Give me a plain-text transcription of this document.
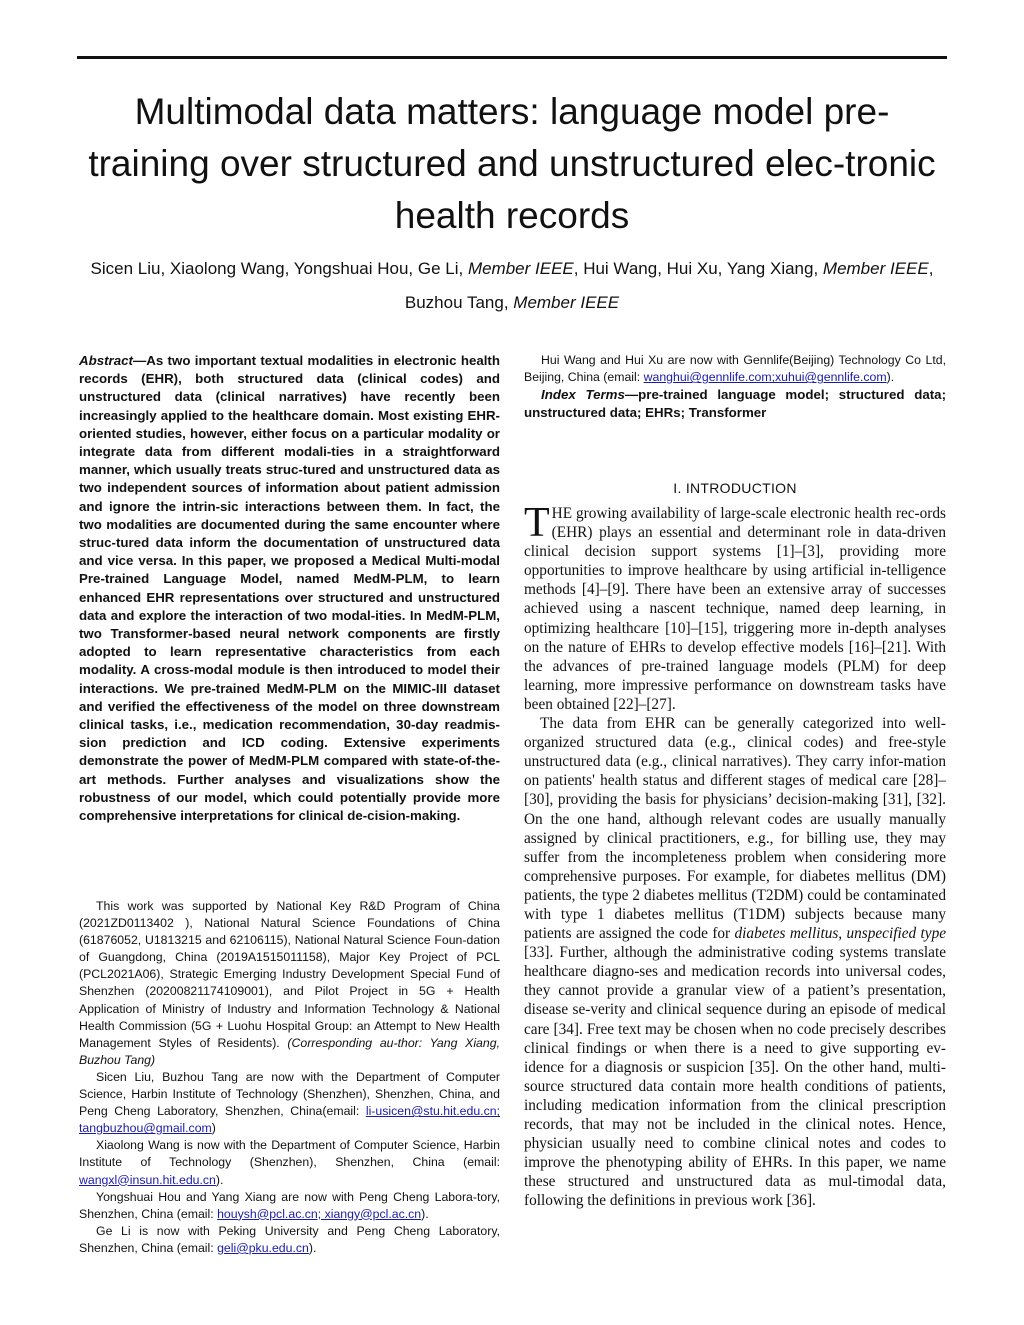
Multimodal data matters: language model pre-training over structured and unstructured elec-tronic health records

Sicen Liu, Xiaolong Wang, Yongshuai Hou, Ge Li, Member IEEE, Hui Wang, Hui Xu, Yang Xiang, Member IEEE, Buzhou Tang, Member IEEE

Abstract—As two important textual modalities in electronic health records (EHR), both structured data (clinical codes) and unstructured data (clinical narratives) have recently been increasingly applied to the healthcare domain. Most existing EHR-oriented studies, however, either focus on a particular modality or integrate data from different modali-ties in a straightforward manner, which usually treats struc-tured and unstructured data as two independent sources of information about patient admission and ignore the intrin-sic interactions between them. In fact, the two modalities are documented during the same encounter where struc-tured data inform the documentation of unstructured data and vice versa. In this paper, we proposed a Medical Multi-modal Pre-trained Language Model, named MedM-PLM, to learn enhanced EHR representations over structured and unstructured data and explore the interaction of two modal-ities. In MedM-PLM, two Transformer-based neural network components are firstly adopted to learn representative characteristics from each modality. A cross-modal module is then introduced to model their interactions. We pre-trained MedM-PLM on the MIMIC-III dataset and verified the effectiveness of the model on three downstream clinical tasks, i.e., medication recommendation, 30-day readmis-sion prediction and ICD coding. Extensive experiments demonstrate the power of MedM-PLM compared with state-of-the-art methods. Further analyses and visualizations show the robustness of our model, which could potentially provide more comprehensive interpretations for clinical de-cision-making.

This work was supported by National Key R&D Program of China (2021ZD0113402 ), National Natural Science Foundations of China (61876052, U1813215 and 62106115), National Natural Science Foun-dation of Guangdong, China (2019A1515011158), Major Key Project of PCL (PCL2021A06), Strategic Emerging Industry Development Special Fund of Shenzhen (20200821174109001), and Pilot Project in 5G + Health Application of Ministry of Industry and Information Technology & National Health Commission (5G + Luohu Hospital Group: an Attempt to New Health Management Styles of Residents). (Corresponding au-thor: Yang Xiang, Buzhou Tang)

Sicen Liu, Buzhou Tang are now with the Department of Computer Science, Harbin Institute of Technology (Shenzhen), Shenzhen, China, and Peng Cheng Laboratory, Shenzhen, China(email: li-usicen@stu.hit.edu.cn; tangbuzhou@gmail.com)

Xiaolong Wang is now with the Department of Computer Science, Harbin Institute of Technology (Shenzhen), Shenzhen, China (email: wangxl@insun.hit.edu.cn).

Yongshuai Hou and Yang Xiang are now with Peng Cheng Labora-tory, Shenzhen, China (email: houysh@pcl.ac.cn; xiangy@pcl.ac.cn).

Ge Li is now with Peking University and Peng Cheng Laboratory, Shenzhen, China (email: geli@pku.edu.cn).

Hui Wang and Hui Xu are now with Gennlife(Beijing) Technology Co Ltd, Beijing, China (email: wanghui@gennlife.com;xuhui@gennlife.com).

Index Terms—pre-trained language model; structured data; unstructured data; EHRs; Transformer

I. INTRODUCTION

THE growing availability of large-scale electronic health rec-ords (EHR) plays an essential and determinant role in data-driven clinical decision support systems [1]–[3], providing more opportunities to improve healthcare by using artificial in-telligence methods [4]–[9]. There have been an extensive array of successes achieved using a nascent technique, named deep learning, in optimizing healthcare [10]–[15], triggering more in-depth analyses on the nature of EHRs to develop effective models [16]–[21]. With the advances of pre-trained language models (PLM) for deep learning, more impressive performance on downstream tasks have been obtained [22]–[27].

The data from EHR can be generally categorized into well-organized structured data (e.g., clinical codes) and free-style unstructured data (e.g., clinical narratives). They carry infor-mation on patients' health status and different stages of medical care [28]–[30], providing the basis for physicians’ decision-making [31], [32]. On the one hand, although relevant codes are usually manually assigned by clinical practitioners, e.g., for billing use, they may suffer from the incompleteness problem when considering more comprehensive purposes. For example, for diabetes mellitus (DM) patients, the type 2 diabetes mellitus (T2DM) could be contaminated with type 1 diabetes mellitus (T1DM) subjects because many patients are assigned the code for diabetes mellitus, unspecified type [33]. Further, although the administrative coding systems translate healthcare diagno-ses and medication records into universal codes, they cannot provide a granular view of a patient’s presentation, disease se-verity and clinical sequence during an episode of medical care [34]. Free text may be chosen when no code precisely describes clinical findings or when there is a need to give supporting ev-idence for a diagnosis or suspicion [35]. On the other hand, multi-source structured data contain more health conditions of patients, including medication information from the clinical prescription records, that may not be included in the clinical notes. Hence, physician usually need to combine clinical notes and codes to improve the phenotyping ability of EHRs. In this paper, we name these structured and unstructured data as mul-timodal data, following the definitions in previous work [36].
